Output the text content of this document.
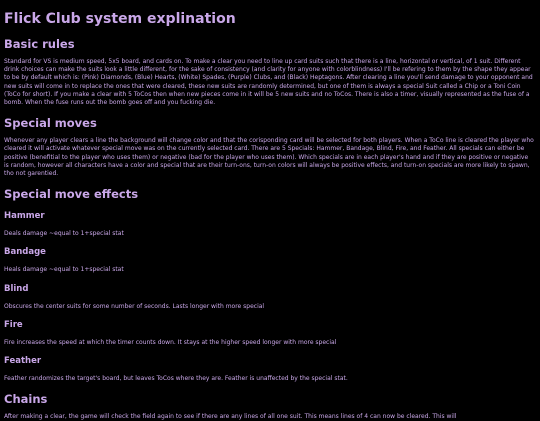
Flick Club system explination
Basic rules

Standard for VS is medium speed, 5x5 board, and cards on. To make a clear you need to line up card suits such that there is a line, horizontal or vertical, of 1 suit. Different drink choices can make the suits look a little different, for the sake of consistency (and clarity for anyone with colorblindness) I'll be refering to them by the shape they appear to be by default which is: (Pink) Diamonds, (Blue) Hearts, (White) Spades, (Purple) Clubs, and (Black) Heptagons. After clearing a line you'll send damage to your opponent and new suits will come in to replace the ones that were cleared, these new suits are randomly determined, but one of them is always a special Suit called a Chip or a Toni Coin (ToCo for short). If you make a clear with 5 ToCos then when new pieces come in it will be 5 new suits and no ToCos. There is also a timer, visually represented as the fuse of a bomb. When the fuse runs out the bomb goes off and you fucking die.

Special moves

Whenever any player clears a line the background will change color and that the corisponding card will be selected for both players. When a ToCo line is cleared the player who cleared it will activate whatever special move was on the currently selected card. There are 5 Specials: Hammer, Bandage, Blind, Fire, and Feather. All specials can either be positive (benefitial to the player who uses them) or negative (bad for the player who uses them). Which specials are in each player's hand and if they are positive or negative is random, however all characters have a color and special that are their turn-ons, turn-on colors will always be positive effects, and turn-on specials are more likely to spawn, tho not garentied.

Special move effects
Hammer

Deals damage ~equal to 1+special stat

Bandage

Heals damage ~equal to 1+special stat

Blind

Obscures the center suits for some number of seconds. Lasts longer with more special

Fire

Fire increases the speed at which the timer counts down. It stays at the higher speed longer with more special

Feather

Feather randomizes the target's board, but leaves ToCos where they are. Feather is unaffected by the special stat.

Chains

After making a clear, the game will check the field again to see if there are any lines of all one suit. This means lines of 4 can now be cleared. This will
